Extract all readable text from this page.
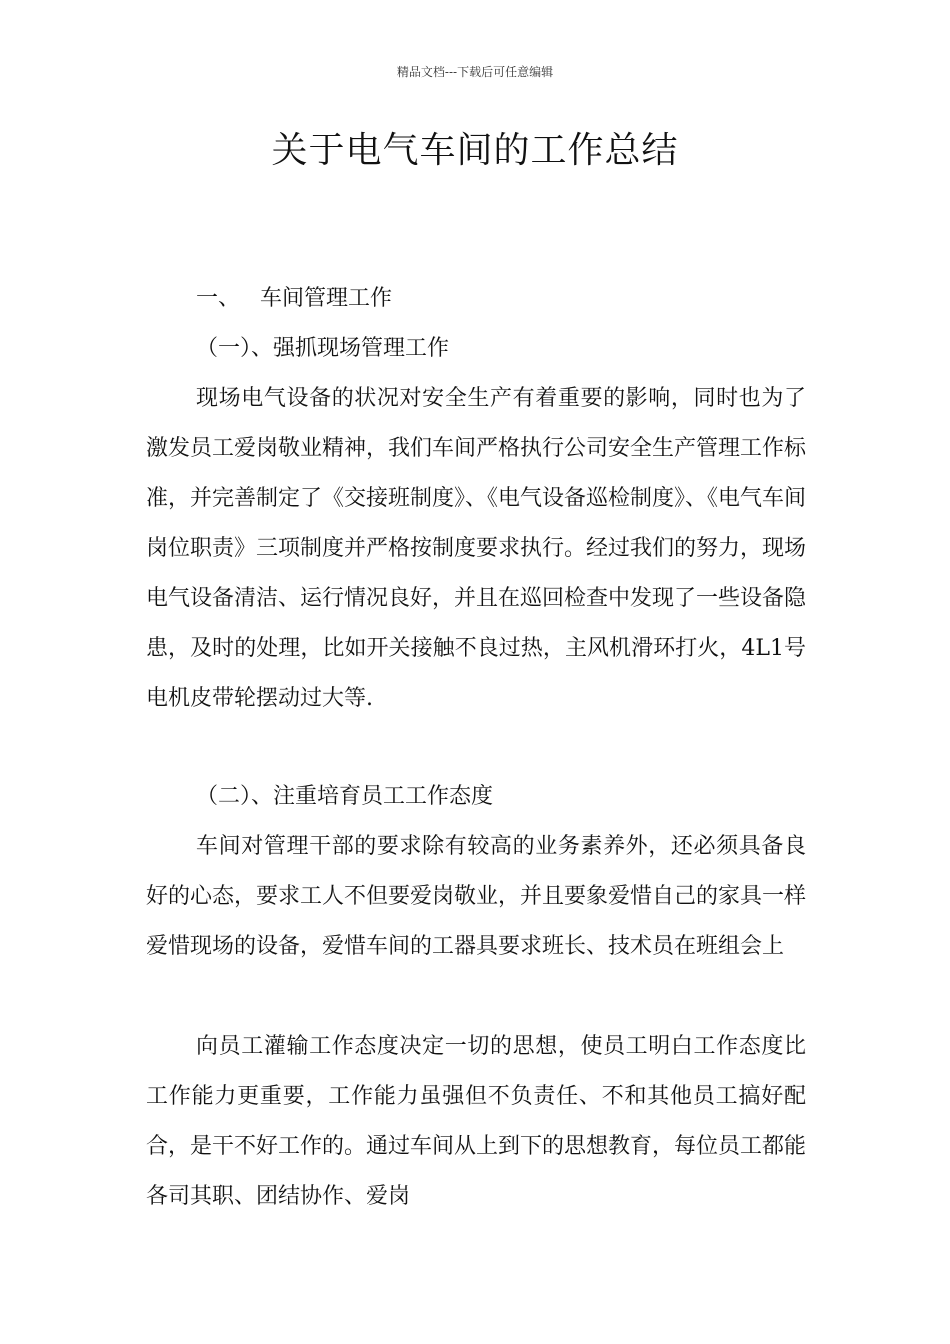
精品文档---下载后可任意编辑
关于电气车间的工作总结
一、 车间管理工作
（一）、强抓现场管理工作

现场电气设备的状况对安全生产有着重要的影响，同时也为了激发员工爱岗敬业精神，我们车间严格执行公司安全生产管理工作标准，并完善制定了《交接班制度》、《电气设备巡检制度》、《电气车间岗位职责》三项制度并严格按制度要求执行。经过我们的努力，现场电气设备清洁、运行情况良好，并且在巡回检查中发现了一些设备隐患，及时的处理，比如开关接触不良过热，主风机滑环打火，4L1号电机皮带轮摆动过大等.

（二）、注重培育员工工作态度

车间对管理干部的要求除有较高的业务素养外，还必须具备良好的心态，要求工人不但要爱岗敬业，并且要象爱惜自己的家具一样爱惜现场的设备，爱惜车间的工器具要求班长、技术员在班组会上

向员工灌输工作态度决定一切的思想，使员工明白工作态度比工作能力更重要，工作能力虽强但不负责任、不和其他员工搞好配合，是干不好工作的。通过车间从上到下的思想教育，每位员工都能各司其职、团结协作、爱岗
